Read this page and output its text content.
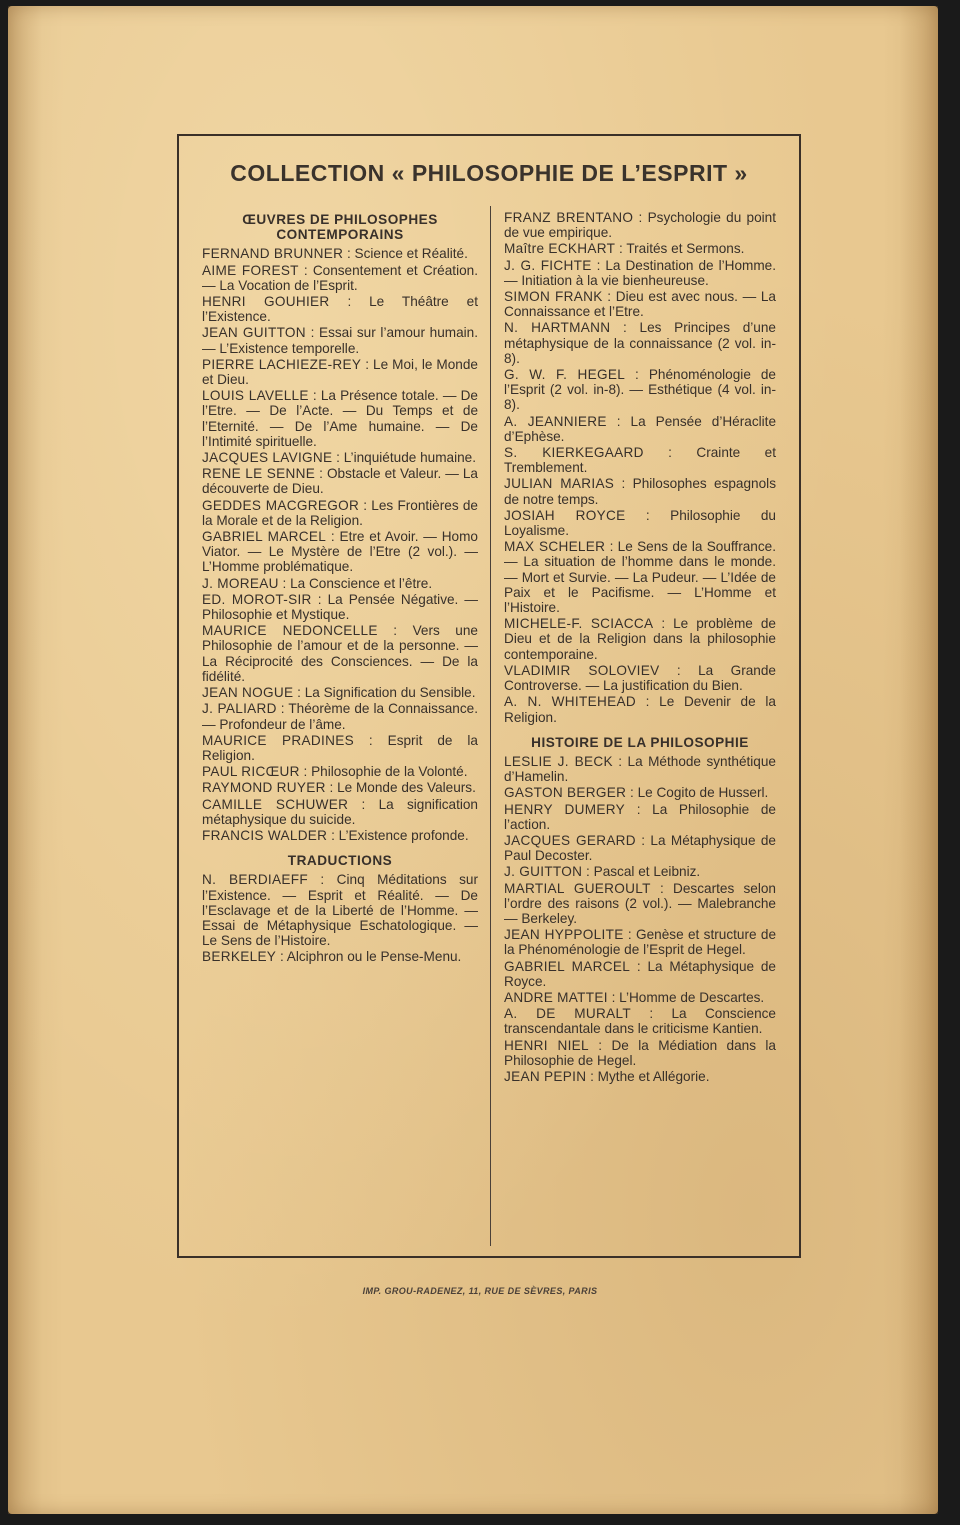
COLLECTION « PHILOSOPHIE DE L’ESPRIT »
ŒUVRES DE PHILOSOPHES CONTEMPORAINS
FERNAND BRUNNER : Science et Réalité.
AIME FOREST : Consentement et Création. — La Vocation de l’Esprit.
HENRI GOUHIER : Le Théâtre et l’Existence.
JEAN GUITTON : Essai sur l’amour humain. — L’Existence temporelle.
PIERRE LACHIEZE-REY : Le Moi, le Monde et Dieu.
LOUIS LAVELLE : La Présence totale. — De l’Etre. — De l’Acte. — Du Temps et de l’Eternité. — De l’Ame humaine. — De l’Intimité spirituelle.
JACQUES LAVIGNE : L’inquiétude humaine.
RENE LE SENNE : Obstacle et Valeur. — La découverte de Dieu.
GEDDES MACGREGOR : Les Frontières de la Morale et de la Religion.
GABRIEL MARCEL : Etre et Avoir. — Homo Viator. — Le Mystère de l’Etre (2 vol.). — L’Homme problématique.
J. MOREAU : La Conscience et l’être.
ED. MOROT-SIR : La Pensée Négative. — Philosophie et Mystique.
MAURICE NEDONCELLE : Vers une Philosophie de l’amour et de la personne. — La Réciprocité des Consciences. — De la fidélité.
JEAN NOGUE : La Signification du Sensible.
J. PALIARD : Théorème de la Connaissance. — Profondeur de l’âme.
MAURICE PRADINES : Esprit de la Religion.
PAUL RICŒUR : Philosophie de la Volonté.
RAYMOND RUYER : Le Monde des Valeurs.
CAMILLE SCHUWER : La signification métaphysique du suicide.
FRANCIS WALDER : L’Existence profonde.
TRADUCTIONS
N. BERDIAEFF : Cinq Méditations sur l’Existence. — Esprit et Réalité. — De l’Esclavage et de la Liberté de l’Homme. — Essai de Métaphysique Eschatologique. — Le Sens de l’Histoire.
BERKELEY : Alciphron ou le Pense-Menu.
FRANZ BRENTANO : Psychologie du point de vue empirique.
Maître ECKHART : Traités et Sermons.
J. G. FICHTE : La Destination de l’Homme. — Initiation à la vie bienheureuse.
SIMON FRANK : Dieu est avec nous. — La Connaissance et l’Etre.
N. HARTMANN : Les Principes d’une métaphysique de la connaissance (2 vol. in-8).
G. W. F. HEGEL : Phénoménologie de l’Esprit (2 vol. in-8). — Esthétique (4 vol. in-8).
A. JEANNIERE : La Pensée d’Héraclite d’Ephèse.
S. KIERKEGAARD : Crainte et Tremblement.
JULIAN MARIAS : Philosophes espagnols de notre temps.
JOSIAH ROYCE : Philosophie du Loyalisme.
MAX SCHELER : Le Sens de la Souffrance. — La situation de l’homme dans le monde. — Mort et Survie. — La Pudeur. — L’Idée de Paix et le Pacifisme. — L’Homme et l’Histoire.
MICHELE-F. SCIACCA : Le problème de Dieu et de la Religion dans la philosophie contemporaine.
VLADIMIR SOLOVIEV : La Grande Controverse. — La justification du Bien.
A. N. WHITEHEAD : Le Devenir de la Religion.
HISTOIRE DE LA PHILOSOPHIE
LESLIE J. BECK : La Méthode synthétique d’Hamelin.
GASTON BERGER : Le Cogito de Husserl.
HENRY DUMERY : La Philosophie de l’action.
JACQUES GERARD : La Métaphysique de Paul Decoster.
J. GUITTON : Pascal et Leibniz.
MARTIAL GUEROULT : Descartes selon l’ordre des raisons (2 vol.). — Malebranche — Berkeley.
JEAN HYPPOLITE : Genèse et structure de la Phénoménologie de l’Esprit de Hegel.
GABRIEL MARCEL : La Métaphysique de Royce.
ANDRE MATTEI : L’Homme de Descartes.
A. DE MURALT : La Conscience transcendantale dans le criticisme Kantien.
HENRI NIEL : De la Médiation dans la Philosophie de Hegel.
JEAN PEPIN : Mythe et Allégorie.
IMP. GROU-RADENEZ, 11, RUE DE SÈVRES, PARIS
